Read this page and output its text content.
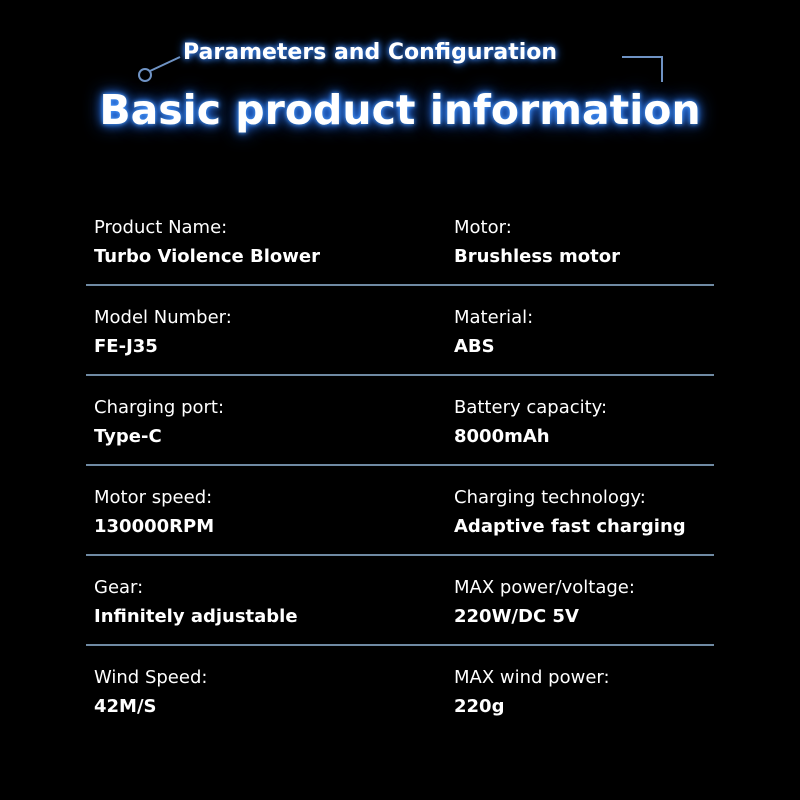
Parameters and Configuration
Basic product information
Product Name:
Turbo Violence Blower
Motor:
Brushless motor
Model Number:
FE-J35
Material:
ABS
Charging port:
Type-C
Battery capacity:
8000mAh
Motor speed:
130000RPM
Charging technology:
Adaptive fast charging
Gear:
Infinitely adjustable
MAX power/voltage:
220W/DC 5V
Wind Speed:
42M/S
MAX wind power:
220g
